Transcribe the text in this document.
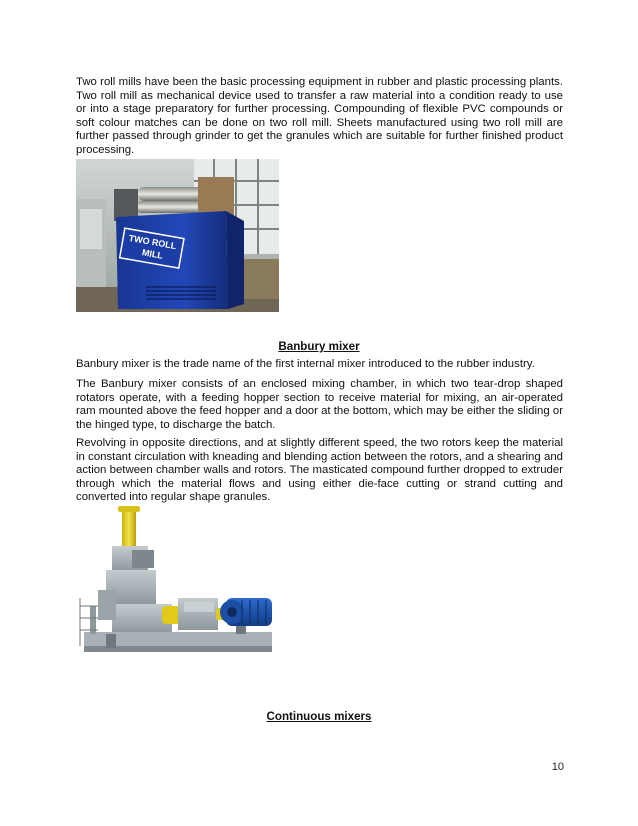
Two roll mills have been the basic processing equipment in rubber and plastic processing plants. Two roll mill as mechanical device used to transfer a raw material into a condition ready to use or into a stage preparatory for further processing. Compounding of flexible PVC compounds or soft colour matches can be done on two roll mill. Sheets manufactured using two roll mill are further passed through grinder to get the granules which are suitable for further finished product processing.

TWO ROLL
MILL

Banbury mixer

Banbury mixer is the trade name of the first internal mixer introduced to the rubber industry.

The Banbury mixer consists of an enclosed mixing chamber, in which two tear-drop shaped rotators operate, with a feeding hopper section to receive material for mixing, an air-operated ram mounted above the feed hopper and a door at the bottom, which may be either the sliding or the hinged type, to discharge the batch.

Revolving in opposite directions, and at slightly different speed, the two rotors keep the material in constant circulation with kneading and blending action between the rotors, and a shearing and action between chamber walls and rotors. The masticated compound further dropped to extruder through which the material flows and using either die-face cutting or strand cutting and converted into regular shape granules.

Continuous mixers

10
